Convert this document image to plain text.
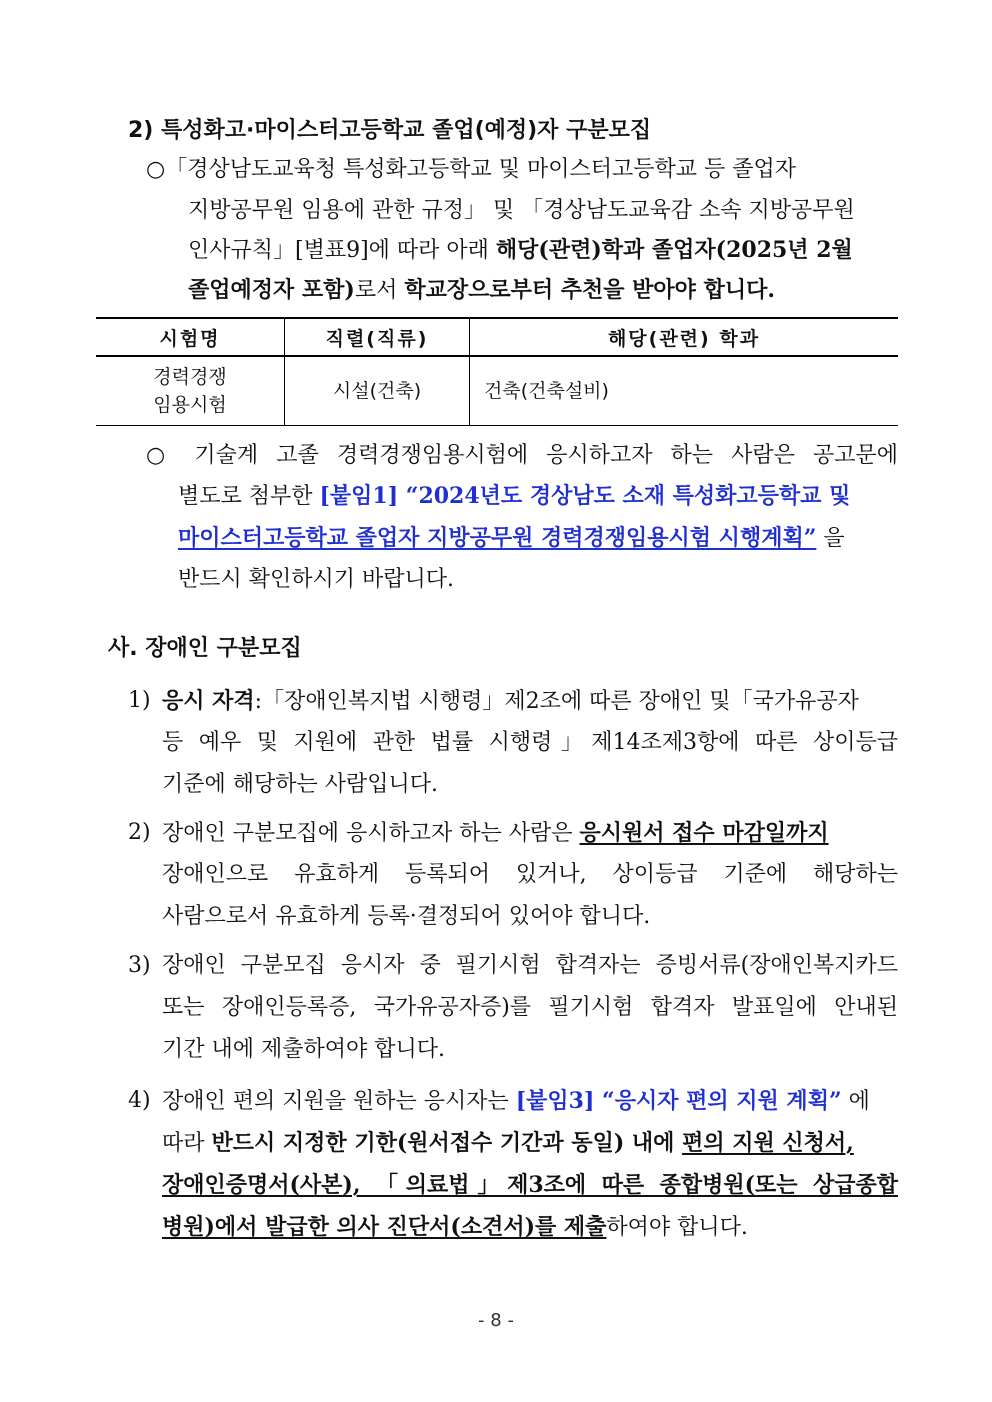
2) 특성화고·마이스터고등학교 졸업(예정)자 구분모집
○「경상남도교육청 특성화고등학교 및 마이스터고등학교 등 졸업자
지방공무원 임용에 관한 규정」 및 「경상남도교육감 소속 지방공무원
인사규칙」[별표9]에 따라 아래 해당(관련)학과 졸업자(2025년 2월
졸업예정자 포함)로서 학교장으로부터 추천을 받아야 합니다.
시험명	직렬(직류)	해당(관련) 학과

경력경쟁
임용시험	시설(건축)	건축(건축설비)
○ 기술계 고졸 경력경쟁임용시험에 응시하고자 하는 사람은 공고문에
별도로 첨부한 [붙임1] “2024년도 경상남도 소재 특성화고등학교 및
마이스터고등학교 졸업자 지방공무원 경력경쟁임용시험 시행계획” 을
반드시 확인하시기 바랍니다.
사. 장애인 구분모집
1) 응시 자격:「장애인복지법 시행령」제2조에 따른 장애인 및「국가유공자
등 예우 및 지원에 관한 법률 시행령」제14조제3항에 따른 상이등급
기준에 해당하는 사람입니다.
2) 장애인 구분모집에 응시하고자 하는 사람은 응시원서 접수 마감일까지
장애인으로 유효하게 등록되어 있거나, 상이등급 기준에 해당하는
사람으로서 유효하게 등록·결정되어 있어야 합니다.
3) 장애인 구분모집 응시자 중 필기시험 합격자는 증빙서류(장애인복지카드
또는 장애인등록증, 국가유공자증)를 필기시험 합격자 발표일에 안내된
기간 내에 제출하여야 합니다.
4) 장애인 편의 지원을 원하는 응시자는 [붙임3] “응시자 편의 지원 계획” 에
따라 반드시 지정한 기한(원서접수 기간과 동일) 내에 편의 지원 신청서,
장애인증명서(사본), 「의료법」제3조에 따른 종합병원(또는 상급종합
병원)에서 발급한 의사 진단서(소견서)를 제출하여야 합니다.
- 8 -
